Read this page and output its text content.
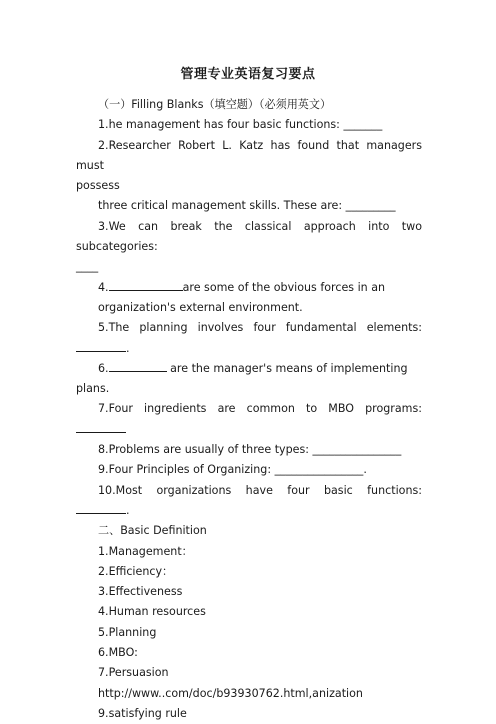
管理专业英语复习要点

（一）Filling Blanks（填空题）（必须用英文）

1.he management has four basic functions: _______

2.Researcher Robert L. Katz has found that managers must

possess

three critical management skills. These are: _________

3.We can break the classical approach into two subcategories:

____

4.	are some of the obvious forces in an

organization's external environment.

5.The planning involves four fundamental elements:

.

6.	are the manager's means of implementing plans.

7.Four ingredients are common to MBO programs:

8.Problems are usually of three types: ________________

9.Four Principles of Organizing: ________________.

10.Most organizations have four basic functions:

.

二、Basic Definition

1.Management：

2.Efficiency：

3.Effectiveness

4.Human resources

5.Planning

6.MBO:

7.Persuasion

http://www..com/doc/b93930762.html,anization

9.satisfying rule
